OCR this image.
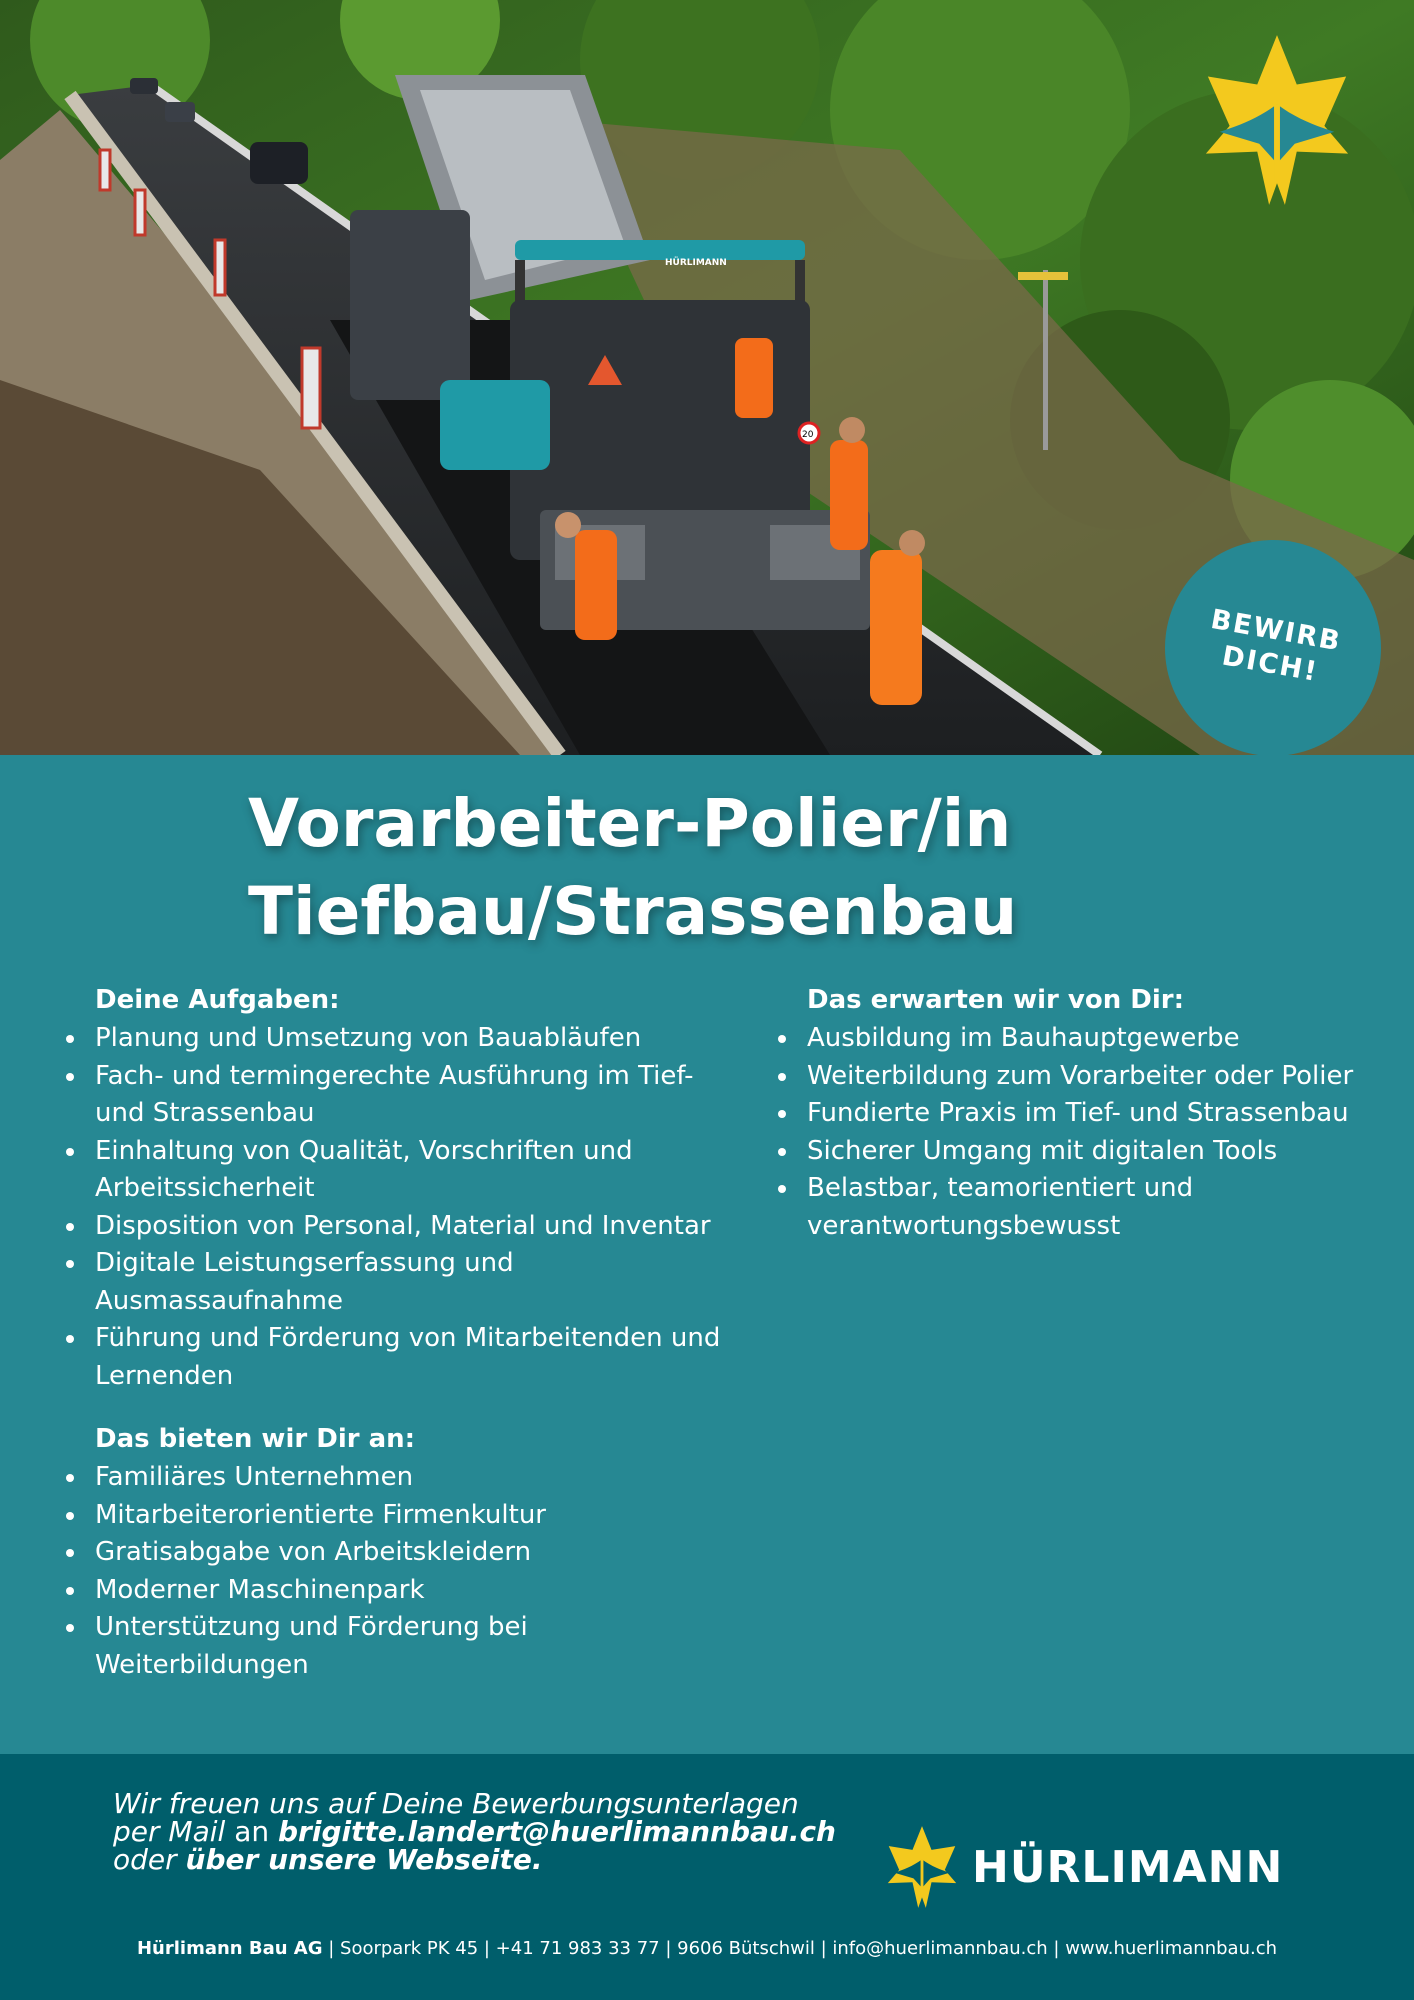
HÜRLIMANN
20
BEWIRB
DICH!
Vorarbeiter-Polier/in
Tiefbau/Strassenbau
Deine Aufgaben:
Planung und Umsetzung von Bauabläufen
Fach- und termingerechte Ausführung im Tief- und Strassenbau
Einhaltung von Qualität, Vorschriften und Arbeitssicherheit
Disposition von Personal, Material und Inventar
Digitale Leistungserfassung und Ausmassaufnahme
Führung und Förderung von Mitarbeitenden und Lernenden
Das bieten wir Dir an:
Familiäres Unternehmen
Mitarbeiterorientierte Firmenkultur
Gratisabgabe von Arbeitskleidern
Moderner Maschinenpark
Unterstützung und Förderung bei Weiterbildungen
Das erwarten wir von Dir:
Ausbildung im Bauhauptgewerbe
Weiterbildung zum Vorarbeiter oder Polier
Fundierte Praxis im Tief- und Strassenbau
Sicherer Umgang mit digitalen Tools
Belastbar, teamorientiert und verantwortungsbewusst
Wir freuen uns auf Deine Bewerbungsunterlagen
per Mail an brigitte.landert@huerlimannbau.ch
oder über unsere Webseite.	HÜRLIMANN
Hürlimann Bau AG | Soorpark PK 45 | +41 71 983 33 77 | 9606 Bütschwil | info@huerlimannbau.ch | www.huerlimannbau.ch
